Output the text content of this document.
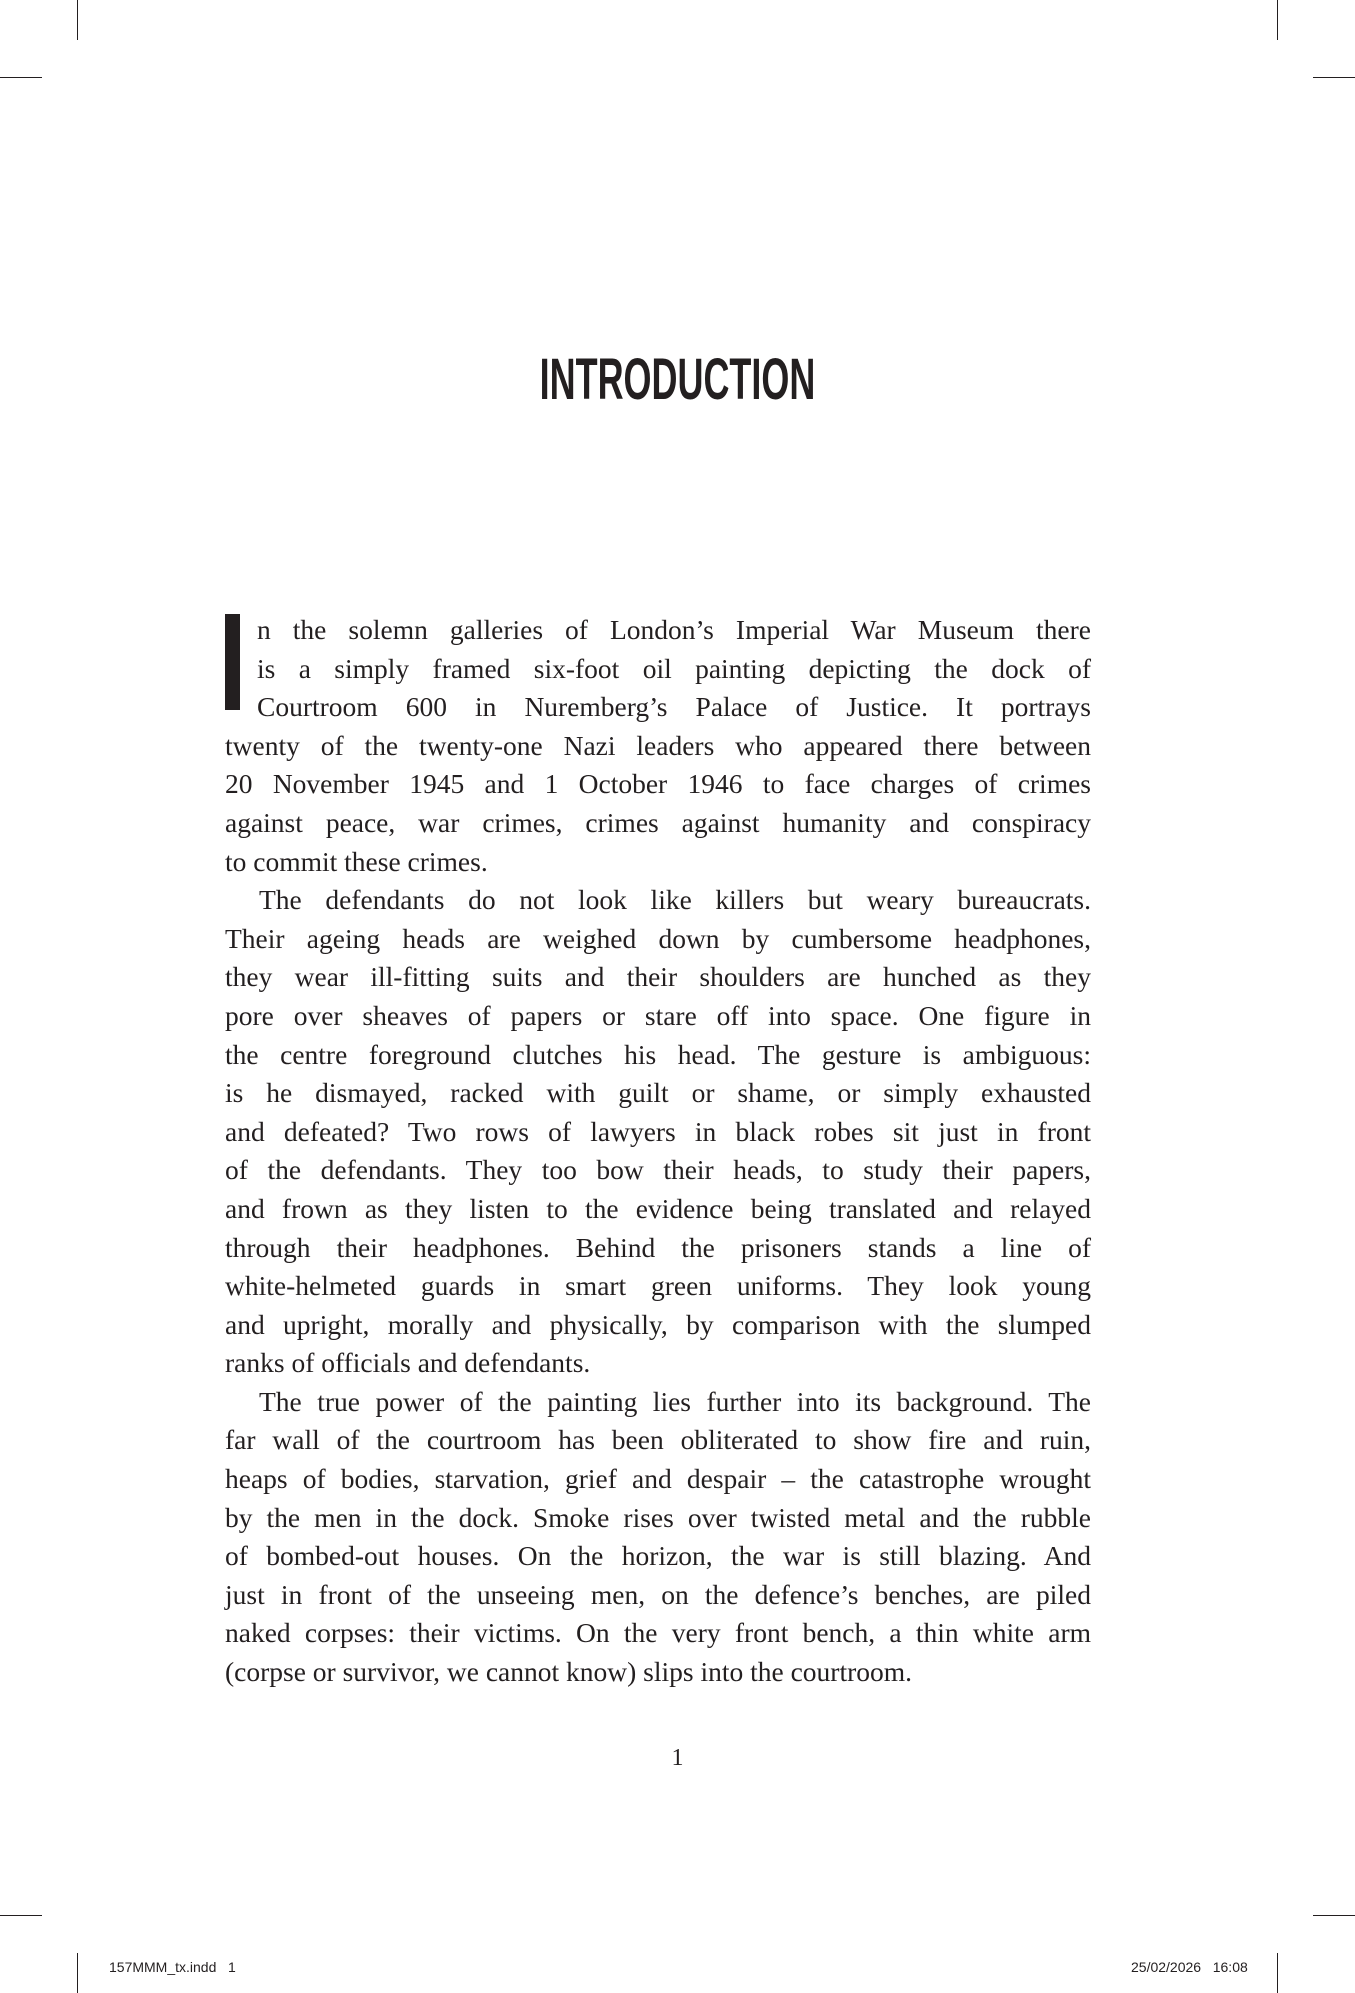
INTRODUCTION
n the solemn galleries of London’s Imperial War Museum there
is a simply framed six-foot oil painting depicting the dock of
Courtroom 600 in Nuremberg’s Palace of Justice. It portrays
twenty of the twenty-one Nazi leaders who appeared there between
20 November 1945 and 1 October 1946 to face charges of crimes
against peace, war crimes, crimes against humanity and conspiracy
to commit these crimes.
The defendants do not look like killers but weary bureaucrats.
Their ageing heads are weighed down by cumbersome headphones,
they wear ill-fitting suits and their shoulders are hunched as they
pore over sheaves of papers or stare off into space. One figure in
the centre foreground clutches his head. The gesture is ambiguous:
is he dismayed, racked with guilt or shame, or simply exhausted
and defeated? Two rows of lawyers in black robes sit just in front
of the defendants. They too bow their heads, to study their papers,
and frown as they listen to the evidence being translated and relayed
through their headphones. Behind the prisoners stands a line of
white-helmeted guards in smart green uniforms. They look young
and upright, morally and physically, by comparison with the slumped
ranks of officials and defendants.
The true power of the painting lies further into its background. The
far wall of the courtroom has been obliterated to show fire and ruin,
heaps of bodies, starvation, grief and despair – the catastrophe wrought
by the men in the dock. Smoke rises over twisted metal and the rubble
of bombed-out houses. On the horizon, the war is still blazing. And
just in front of the unseeing men, on the defence’s benches, are piled
naked corpses: their victims. On the very front bench, a thin white arm
(corpse or survivor, we cannot know) slips into the courtroom.
1
157MMM_tx.indd   1	25/02/2026   16:08
